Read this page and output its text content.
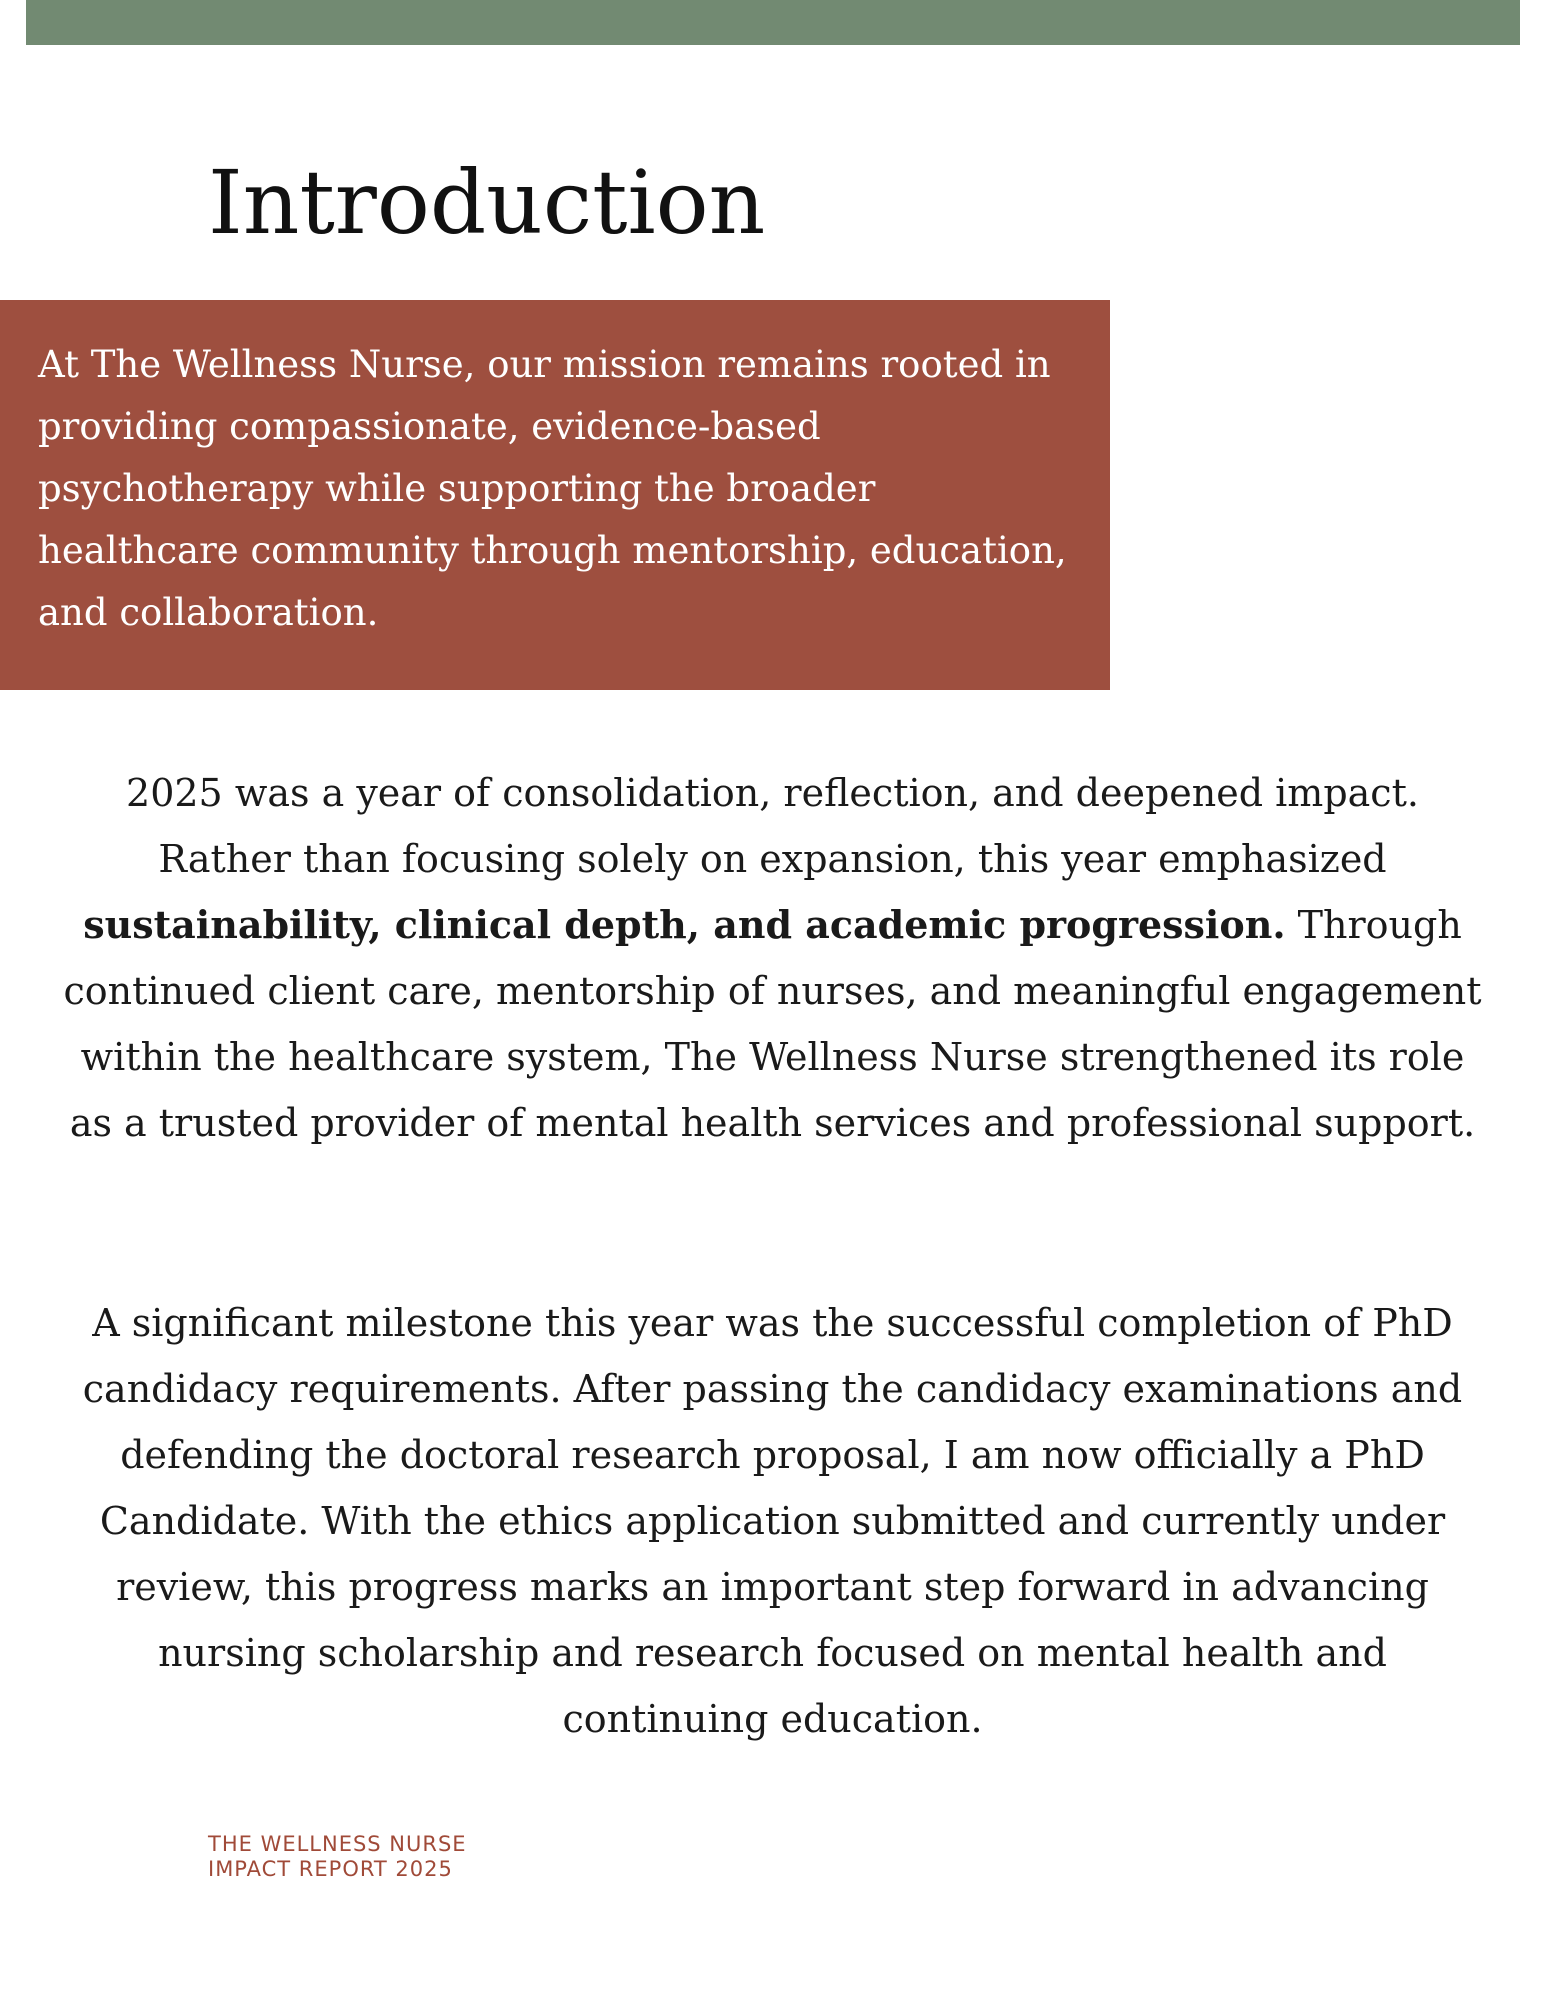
Introduction

At The Wellness Nurse, our mission remains rooted in providing compassionate, evidence-based psychotherapy while supporting the broader healthcare community through mentorship, education, and collaboration.

2025 was a year of consolidation, reflection, and deepened impact. Rather than focusing solely on expansion, this year emphasized sustainability, clinical depth, and academic progression. Through continued client care, mentorship of nurses, and meaningful engagement within the healthcare system, The Wellness Nurse strengthened its role as a trusted provider of mental health services and professional support.

A significant milestone this year was the successful completion of PhD candidacy requirements. After passing the candidacy examinations and defending the doctoral research proposal, I am now officially a PhD Candidate. With the ethics application submitted and currently under review, this progress marks an important step forward in advancing nursing scholarship and research focused on mental health and continuing education.

THE WELLNESS NURSE
IMPACT REPORT 2025
